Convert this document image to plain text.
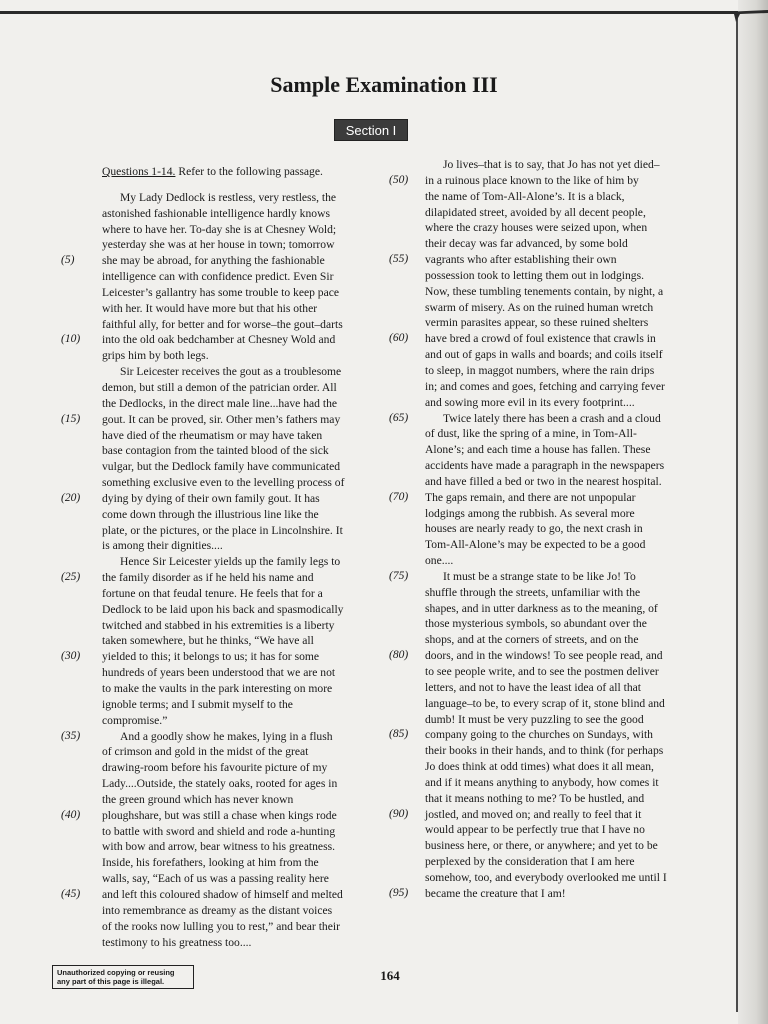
Sample Examination III
Section I
Questions 1-14. Refer to the following passage.
My Lady Dedlock is restless, very restless, the
astonished fashionable intelligence hardly knows
where to have her. To-day she is at Chesney Wold;
yesterday she was at her house in town; tomorrow
(5) she may be abroad, for anything the fashionable
intelligence can with confidence predict. Even Sir
Leicester’s gallantry has some trouble to keep pace
with her. It would have more but that his other
faithful ally, for better and for worse–the gout–darts
(10) into the old oak bedchamber at Chesney Wold and
grips him by both legs.
Sir Leicester receives the gout as a troublesome
demon, but still a demon of the patrician order. All
the Dedlocks, in the direct male line...have had the
(15) gout. It can be proved, sir. Other men’s fathers may
have died of the rheumatism or may have taken
base contagion from the tainted blood of the sick
vulgar, but the Dedlock family have communicated
something exclusive even to the levelling process of
(20) dying by dying of their own family gout. It has
come down through the illustrious line like the
plate, or the pictures, or the place in Lincolnshire. It
is among their dignities....
Hence Sir Leicester yields up the family legs to
(25) the family disorder as if he held his name and
fortune on that feudal tenure. He feels that for a
Dedlock to be laid upon his back and spasmodically
twitched and stabbed in his extremities is a liberty
taken somewhere, but he thinks, “We have all
(30) yielded to this; it belongs to us; it has for some
hundreds of years been understood that we are not
to make the vaults in the park interesting on more
ignoble terms; and I submit myself to the
compromise.”
(35)	And a goodly show he makes, lying in a flush
of crimson and gold in the midst of the great
drawing-room before his favourite picture of my
Lady....Outside, the stately oaks, rooted for ages in
the green ground which has never known
(40) ploughshare, but was still a chase when kings rode
to battle with sword and shield and rode a-hunting
with bow and arrow, bear witness to his greatness.
Inside, his forefathers, looking at him from the
walls, say, “Each of us was a passing reality here
(45) and left this coloured shadow of himself and melted
into remembrance as dreamy as the distant voices
of the rooks now lulling you to rest,” and bear their
testimony to his greatness too....
Jo lives–that is to say, that Jo has not yet died–
(50) in a ruinous place known to the like of him by
the name of Tom-All-Alone’s. It is a black,
dilapidated street, avoided by all decent people,
where the crazy houses were seized upon, when
their decay was far advanced, by some bold
(55) vagrants who after establishing their own
possession took to letting them out in lodgings.
Now, these tumbling tenements contain, by night, a
swarm of misery. As on the ruined human wretch
vermin parasites appear, so these ruined shelters
(60) have bred a crowd of foul existence that crawls in
and out of gaps in walls and boards; and coils itself
to sleep, in maggot numbers, where the rain drips
in; and comes and goes, fetching and carrying fever
and sowing more evil in its every footprint....
(65)	Twice lately there has been a crash and a cloud
of dust, like the spring of a mine, in Tom-All-
Alone’s; and each time a house has fallen. These
accidents have made a paragraph in the newspapers
and have filled a bed or two in the nearest hospital.
(70) The gaps remain, and there are not unpopular
lodgings among the rubbish. As several more
houses are nearly ready to go, the next crash in
Tom-All-Alone’s may be expected to be a good
one....
(75)	It must be a strange state to be like Jo! To
shuffle through the streets, unfamiliar with the
shapes, and in utter darkness as to the meaning, of
those mysterious symbols, so abundant over the
shops, and at the corners of streets, and on the
(80) doors, and in the windows! To see people read, and
to see people write, and to see the postmen deliver
letters, and not to have the least idea of all that
language–to be, to every scrap of it, stone blind and
dumb! It must be very puzzling to see the good
(85) company going to the churches on Sundays, with
their books in their hands, and to think (for perhaps
Jo does think at odd times) what does it all mean,
and if it means anything to anybody, how comes it
that it means nothing to me? To be hustled, and
(90) jostled, and moved on; and really to feel that it
would appear to be perfectly true that I have no
business here, or there, or anywhere; and yet to be
perplexed by the consideration that I am here
somehow, too, and everybody overlooked me until I
(95) became the creature that I am!
Unauthorized copying or reusing
any part of this page is illegal.	164
